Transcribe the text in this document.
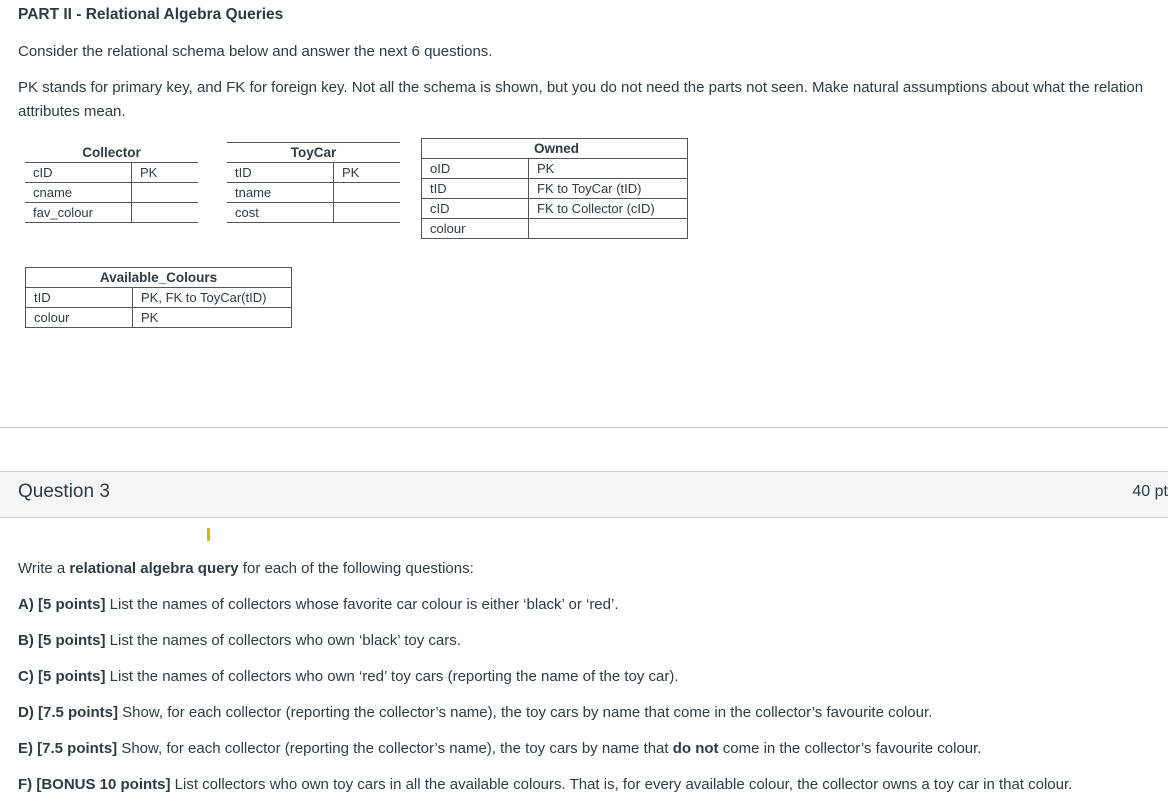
PART II - Relational Algebra Queries
Consider the relational schema below and answer the next 6 questions.
PK stands for primary key, and FK for foreign key. Not all the schema is shown, but you do not need the parts not seen. Make natural assumptions about what the relation attributes mean.
Collector	
cID	PK
cname	
fav_colour	
ToyCar	
tID	PK
tname	
cost	
Owned	
oID	PK
tID	FK to ToyCar (tID)
cID	FK to Collector (cID)
colour	
Available_Colours	
tID	PK, FK to ToyCar(tID)
colour	PK
Question 3	40 pt
Write a relational algebra query for each of the following questions:
A) [5 points] List the names of collectors whose favorite car colour is either ‘black’ or ‘red’.
B) [5 points] List the names of collectors who own ‘black’ toy cars.
C) [5 points] List the names of collectors who own ‘red’ toy cars (reporting the name of the toy car).
D) [7.5 points] Show, for each collector (reporting the collector’s name), the toy cars by name that come in the collector’s favourite colour.
E) [7.5 points] Show, for each collector (reporting the collector’s name), the toy cars by name that do not come in the collector’s favourite colour.
F) [BONUS 10 points] List collectors who own toy cars in all the available colours. That is, for every available colour, the collector owns a toy car in that colour.
